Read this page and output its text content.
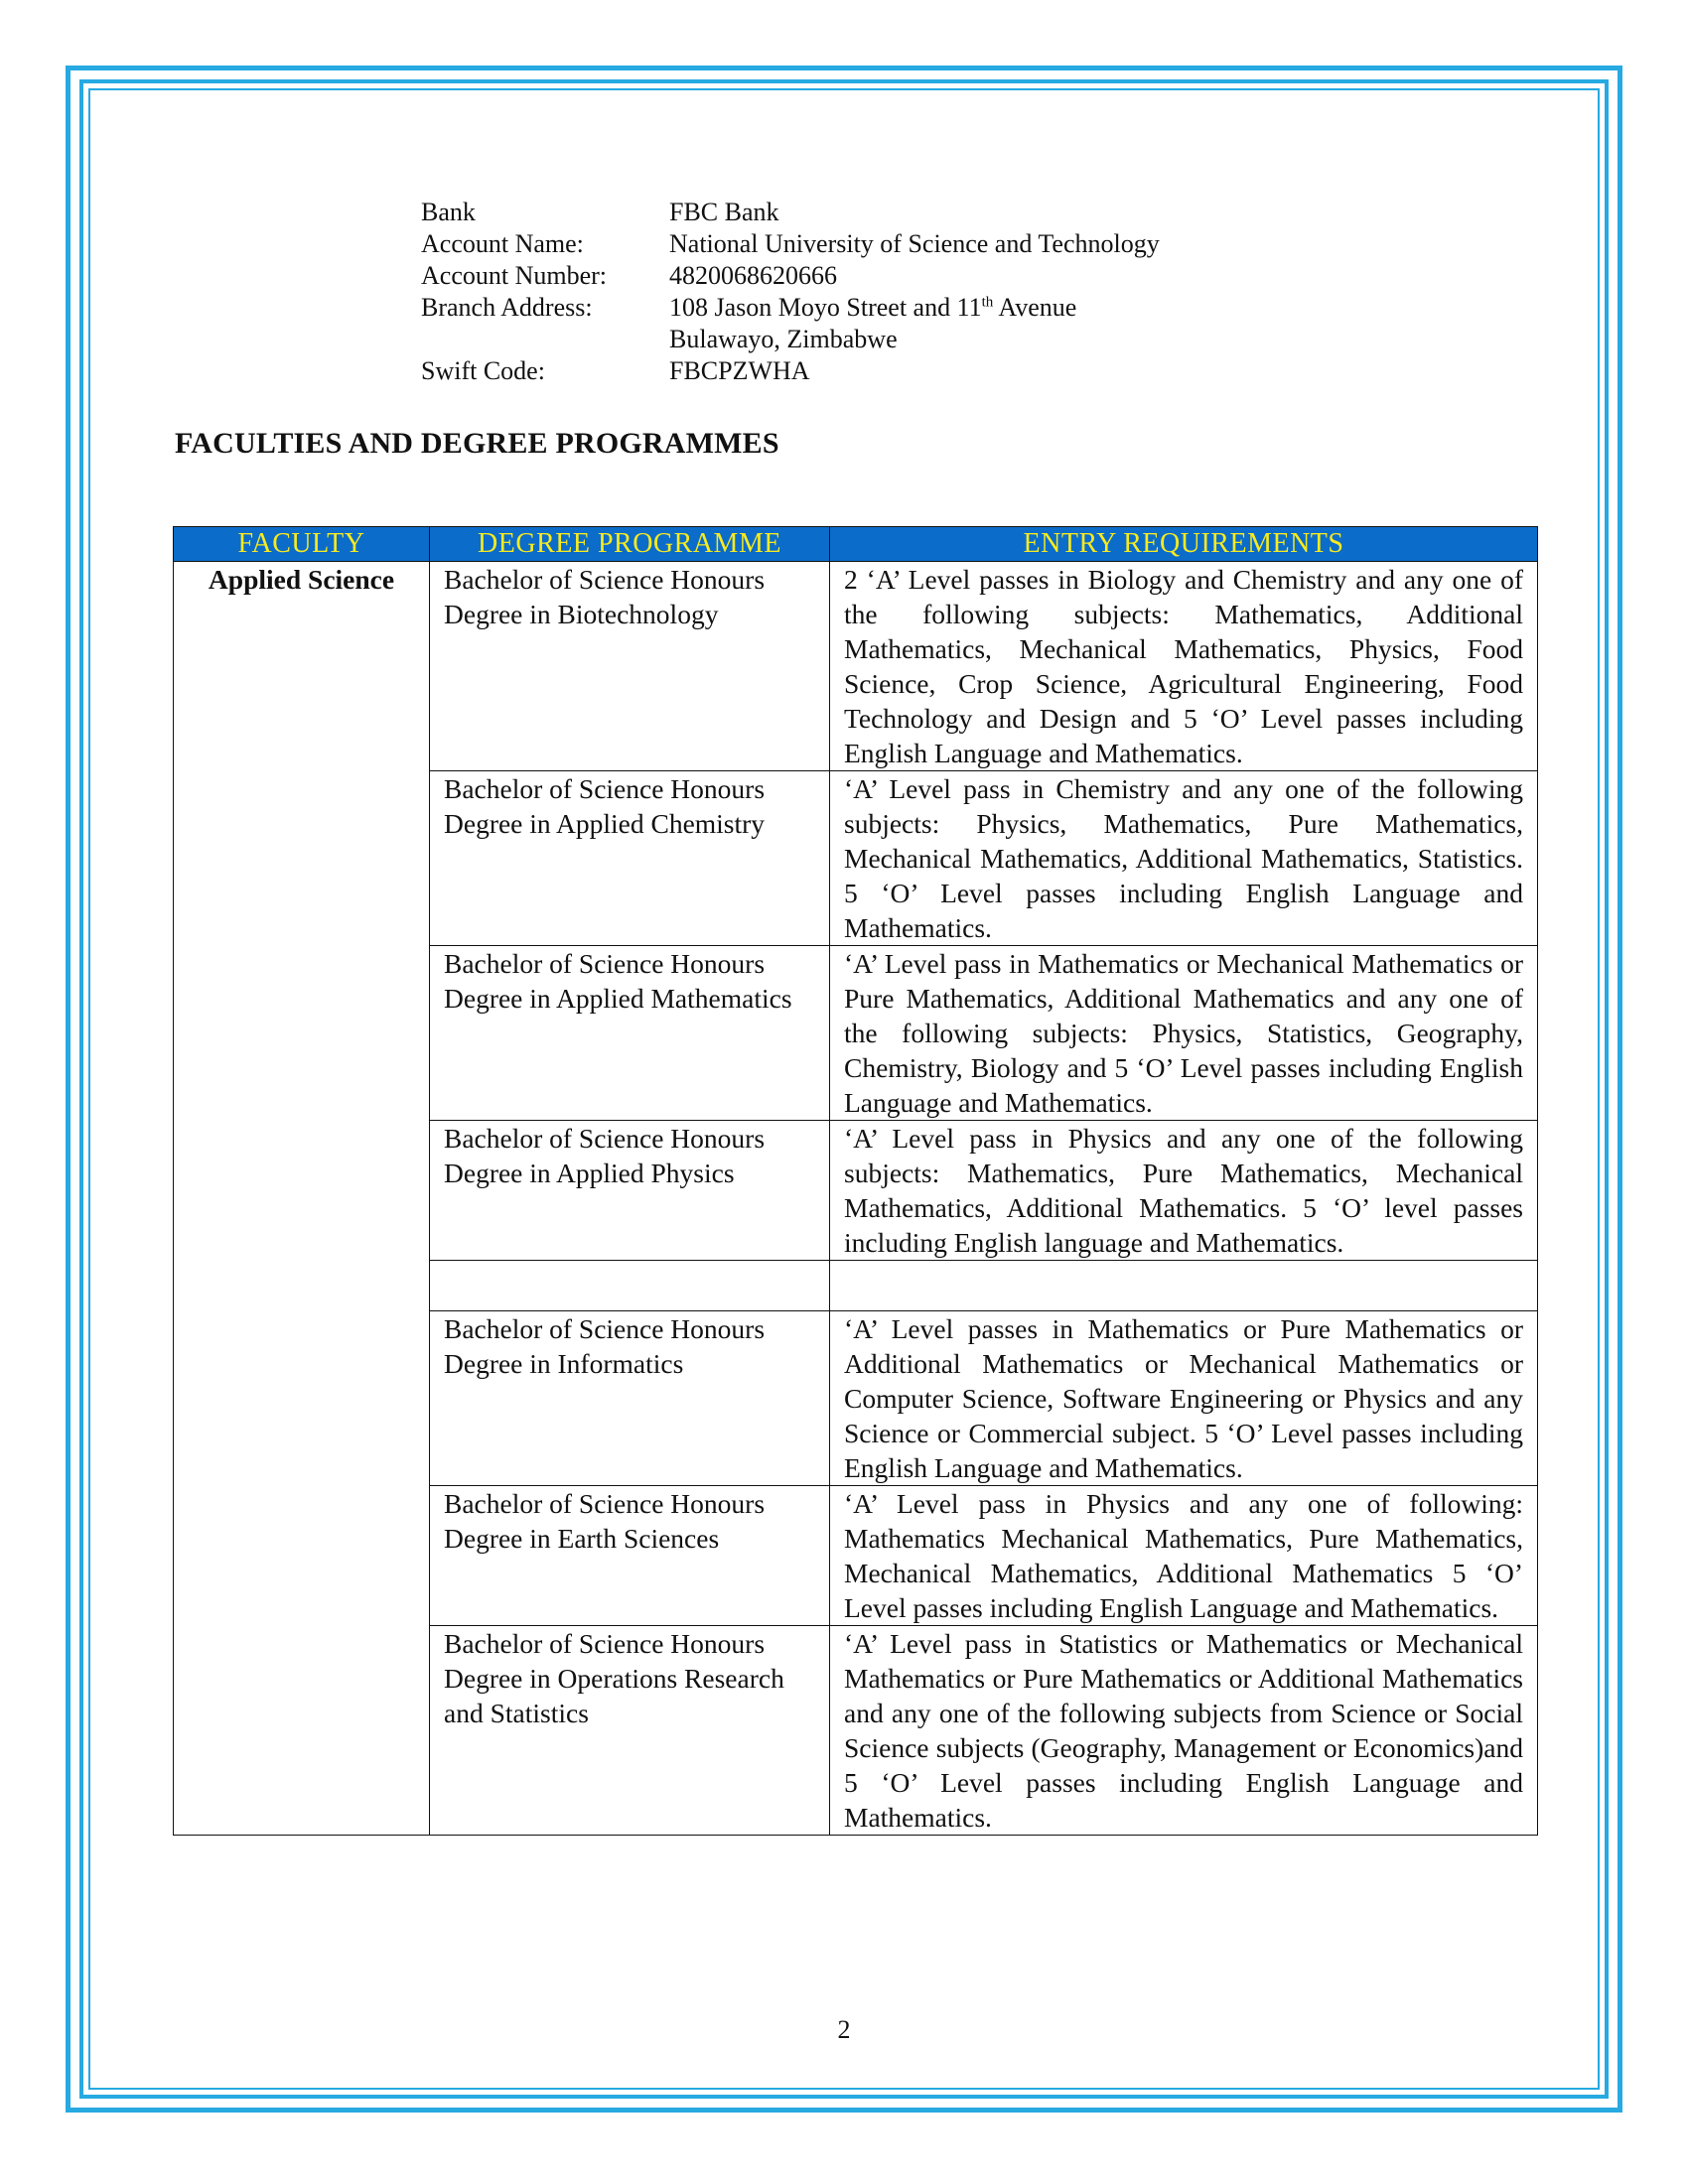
Bank	FBC Bank
Account Name:	National University of Science and Technology
Account Number:	4820068620666
Branch Address:	108 Jason Moyo Street and 11th Avenue
Bulawayo, Zimbabwe
Swift Code:	FBCPZWHA
FACULTIES AND DEGREE PROGRAMMES
FACULTY	DEGREE PROGRAMME	ENTRY REQUIREMENTS
Applied Science	Bachelor of Science Honours Degree in Biotechnology	2 ‘A’ Level passes in Biology and Chemistry and any one of the following subjects: Mathematics, Additional Mathematics, Mechanical Mathematics, Physics, Food Science, Crop Science, Agricultural Engineering, Food Technology and Design and 5 ‘O’ Level passes including English Language and Mathematics.
	Bachelor of Science Honours Degree in Applied Chemistry	‘A’ Level pass in Chemistry and any one of the following subjects: Physics, Mathematics, Pure Mathematics, Mechanical Mathematics, Additional Mathematics, Statistics. 5 ‘O’ Level passes including English Language and Mathematics.
	Bachelor of Science Honours Degree in Applied Mathematics	‘A’ Level pass in Mathematics or Mechanical Mathematics or Pure Mathematics, Additional Mathematics and any one of the following subjects: Physics, Statistics, Geography, Chemistry, Biology and 5 ‘O’ Level passes including English Language and Mathematics.
	Bachelor of Science Honours Degree in Applied Physics	‘A’ Level pass in Physics and any one of the following subjects: Mathematics, Pure Mathematics, Mechanical Mathematics, Additional Mathematics. 5 ‘O’ level passes including English language and Mathematics.

	Bachelor of Science Honours Degree in Informatics	‘A’ Level passes in Mathematics or Pure Mathematics or Additional Mathematics or Mechanical Mathematics or Computer Science, Software Engineering or Physics and any Science or Commercial subject. 5 ‘O’ Level passes including English Language and Mathematics.
	Bachelor of Science Honours Degree in Earth Sciences	‘A’ Level pass in Physics and any one of following: Mathematics Mechanical Mathematics, Pure Mathematics, Mechanical Mathematics, Additional Mathematics 5 ‘O’ Level passes including English Language and Mathematics.
	Bachelor of Science Honours Degree in Operations Research and Statistics	‘A’ Level pass in Statistics or Mathematics or Mechanical Mathematics or Pure Mathematics or Additional Mathematics and any one of the following subjects from Science or Social Science subjects (Geography, Management or Economics)and 5 ‘O’ Level passes including English Language and Mathematics.
2
